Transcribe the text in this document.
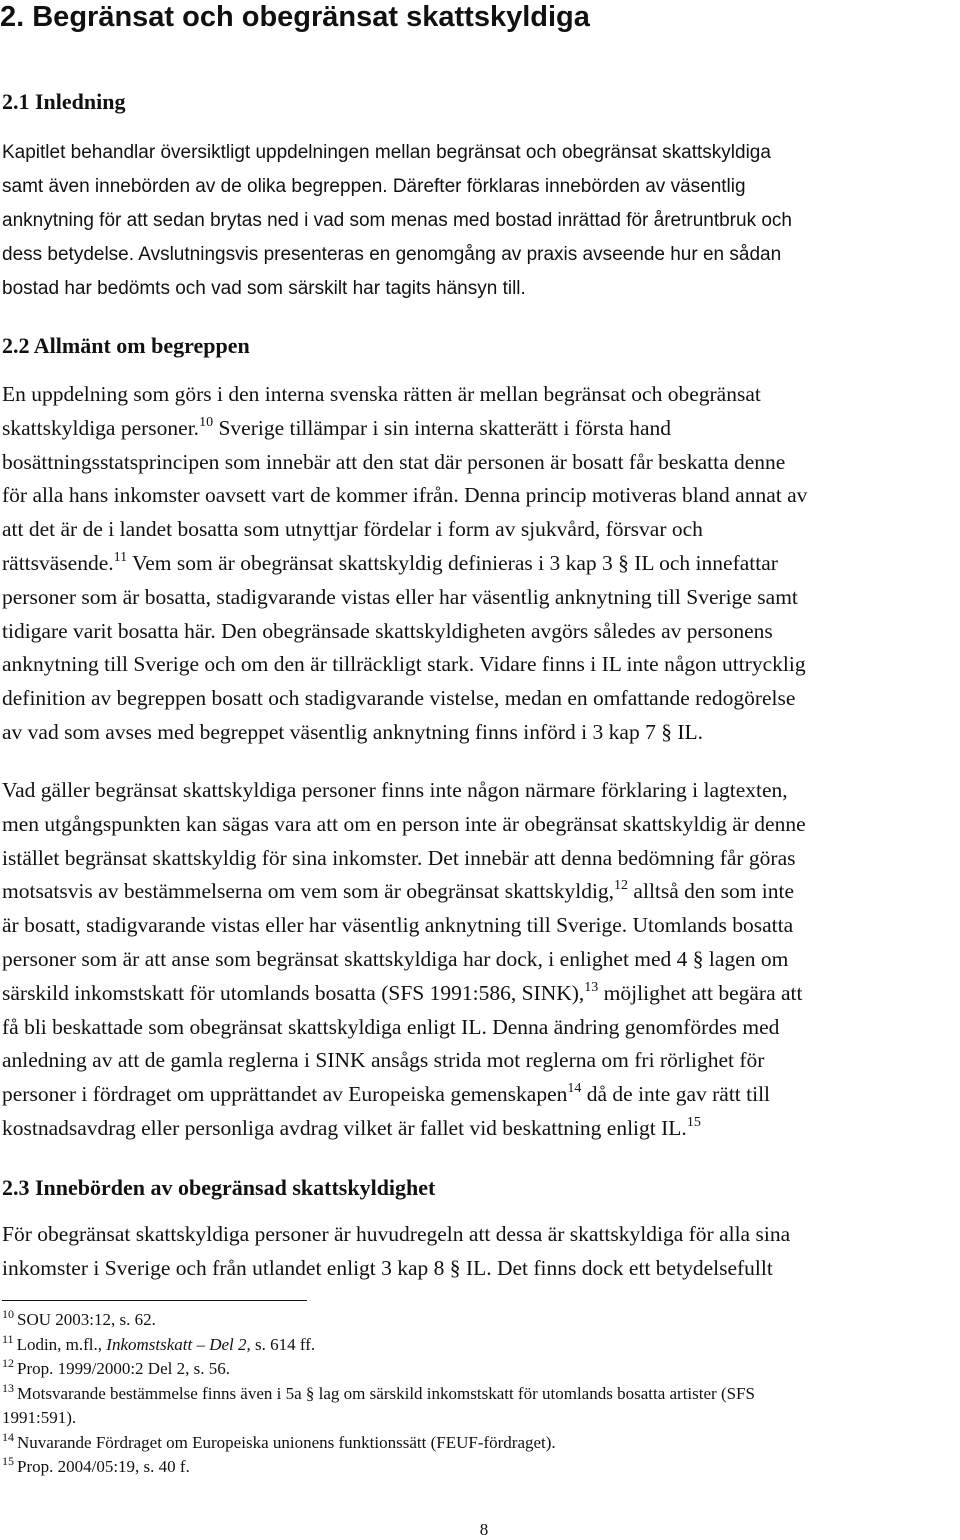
2. Begränsat och obegränsat skattskyldiga
2.1 Inledning
Kapitlet behandlar översiktligt uppdelningen mellan begränsat och obegränsat skattskyldiga
samt även innebörden av de olika begreppen. Därefter förklaras innebörden av väsentlig
anknytning för att sedan brytas ned i vad som menas med bostad inrättad för åretruntbruk och
dess betydelse. Avslutningsvis presenteras en genomgång av praxis avseende hur en sådan
bostad har bedömts och vad som särskilt har tagits hänsyn till.
2.2 Allmänt om begreppen
En uppdelning som görs i den interna svenska rätten är mellan begränsat och obegränsat
skattskyldiga personer.$^{10}$ Sverige tillämpar i sin interna skatterätt i första hand
bosättningsstatsprincipen som innebär att den stat där personen är bosatt får beskatta denne
för alla hans inkomster oavsett vart de kommer ifrån. Denna princip motiveras bland annat av
att det är de i landet bosatta som utnyttjar fördelar i form av sjukvård, försvar och
rättsväsende.$^{11}$ Vem som är obegränsat skattskyldig definieras i 3 kap 3 § IL och innefattar
personer som är bosatta, stadigvarande vistas eller har väsentlig anknytning till Sverige samt
tidigare varit bosatta här. Den obegränsade skattskyldigheten avgörs således av personens
anknytning till Sverige och om den är tillräckligt stark. Vidare finns i IL inte någon uttrycklig
definition av begreppen bosatt och stadigvarande vistelse, medan en omfattande redogörelse
av vad som avses med begreppet väsentlig anknytning finns införd i 3 kap 7 § IL.
Vad gäller begränsat skattskyldiga personer finns inte någon närmare förklaring i lagtexten,
men utgångspunkten kan sägas vara att om en person inte är obegränsat skattskyldig är denne
istället begränsat skattskyldig för sina inkomster. Det innebär att denna bedömning får göras
motsatsvis av bestämmelserna om vem som är obegränsat skattskyldig,$^{12}$ alltså den som inte
är bosatt, stadigvarande vistas eller har väsentlig anknytning till Sverige. Utomlands bosatta
personer som är att anse som begränsat skattskyldiga har dock, i enlighet med 4 § lagen om
särskild inkomstskatt för utomlands bosatta (SFS 1991:586, SINK),$^{13}$ möjlighet att begära att
få bli beskattade som obegränsat skattskyldiga enligt IL. Denna ändring genomfördes med
anledning av att de gamla reglerna i SINK ansågs strida mot reglerna om fri rörlighet för
personer i fördraget om upprättandet av Europeiska gemenskapen$^{14}$ då de inte gav rätt till
kostnadsavdrag eller personliga avdrag vilket är fallet vid beskattning enligt IL.$^{15}$
2.3 Innebörden av obegränsad skattskyldighet
För obegränsat skattskyldiga personer är huvudregeln att dessa är skattskyldiga för alla sina
inkomster i Sverige och från utlandet enligt 3 kap 8 § IL. Det finns dock ett betydelsefullt
$^{10}$ SOU 2003:12, s. 62.
$^{11}$ Lodin, m.fl., Inkomstskatt – Del 2, s. 614 ff.
$^{12}$ Prop. 1999/2000:2 Del 2, s. 56.
$^{13}$ Motsvarande bestämmelse finns även i 5a § lag om särskild inkomstskatt för utomlands bosatta artister (SFS
1991:591).
$^{14}$ Nuvarande Fördraget om Europeiska unionens funktionssätt (FEUF-fördraget).
$^{15}$ Prop. 2004/05:19, s. 40 f.
8
